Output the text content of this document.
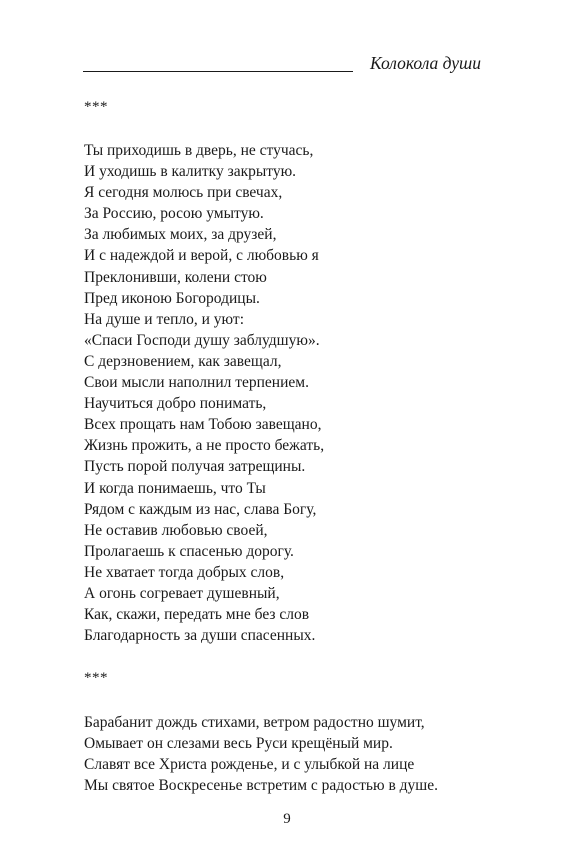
Колокола души
***
Ты приходишь в дверь, не стучась,
И уходишь в калитку закрытую.
Я сегодня молюсь при свечах,
За Россию, росою умытую.
За любимых моих, за друзей,
И с надеждой и верой, с любовью я
Преклонивши, колени стою
Пред иконою Богородицы.
На душе и тепло, и уют:
«Спаси Господи душу заблудшую».
С дерзновением, как завещал,
Свои мысли наполнил терпением.
Научиться добро понимать,
Всех прощать нам Тобою завещано,
Жизнь прожить, а не просто бежать,
Пусть порой получая затрещины.
И когда понимаешь, что Ты
Рядом с каждым из нас, слава Богу,
Не оставив любовью своей,
Пролагаешь к спасенью дорогу.
Не хватает тогда добрых слов,
А огонь согревает душевный,
Как, скажи, передать мне без слов
Благодарность за души спасенных.
***
Барабанит дождь стихами, ветром радостно шумит,
Омывает он слезами весь Руси крещёный мир.
Славят все Христа рожденье, и с улыбкой на лице
Мы святое Воскресенье встретим с радостью в душе.
9
